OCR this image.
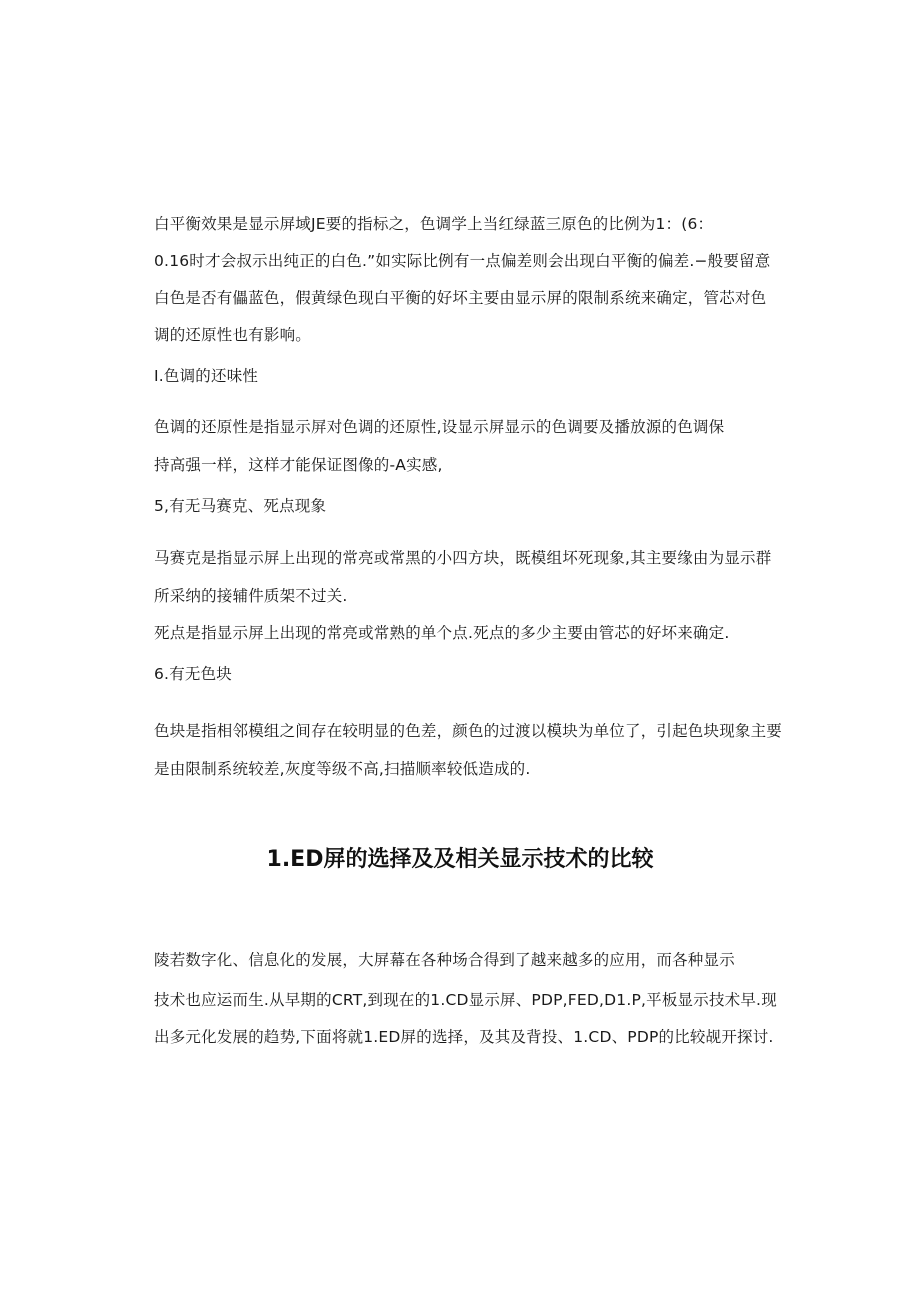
白平衡效果是显示屏域JE要的指标之，色调学上当红绿蓝三原色的比例为1：(6：
0.16时才会叔示出纯正的白色.”如实际比例有一点偏差则会出现白平衡的偏差.−般要留意
白色是否有儡蓝色，假黄绿色现白平衡的好坏主要由显示屏的限制系统来确定，管芯对色
调的还原性也有影响。
I.色调的还味性
色调的还原性是指显示屏对色调的还原性,设显示屏显示的色调要及播放源的色调保
持高强一样，这样才能保证图像的-A实感,
5,有无马赛克、死点现象
马赛克是指显示屏上出现的常亮或常黑的小四方块，既模组坏死现象,其主要缘由为显示群
所采纳的接辅件质架不过关.
死点是指显示屏上出现的常亮或常熟的单个点.死点的多少主要由管芯的好坏来确定.
6.有无色块
色块是指相邻模组之间存在较明显的色差，颜色的过渡以模块为单位了，引起色块现象主要
是由限制系统较差,灰度等级不高,扫描顺率较低造成的.
1.ED屏的选择及及相关显示技术的比较
陵若数字化、信息化的发展，大屏幕在各种场合得到了越来越多的应用，而各种显示
技术也应运而生.从早期的CRT,到现在的1.CD显示屏、PDP,FED,D1.P,平板显示技术早.现
出多元化发展的趋势,下面将就1.ED屏的选择，及其及背投、1.CD、PDP的比较觇开探讨.
